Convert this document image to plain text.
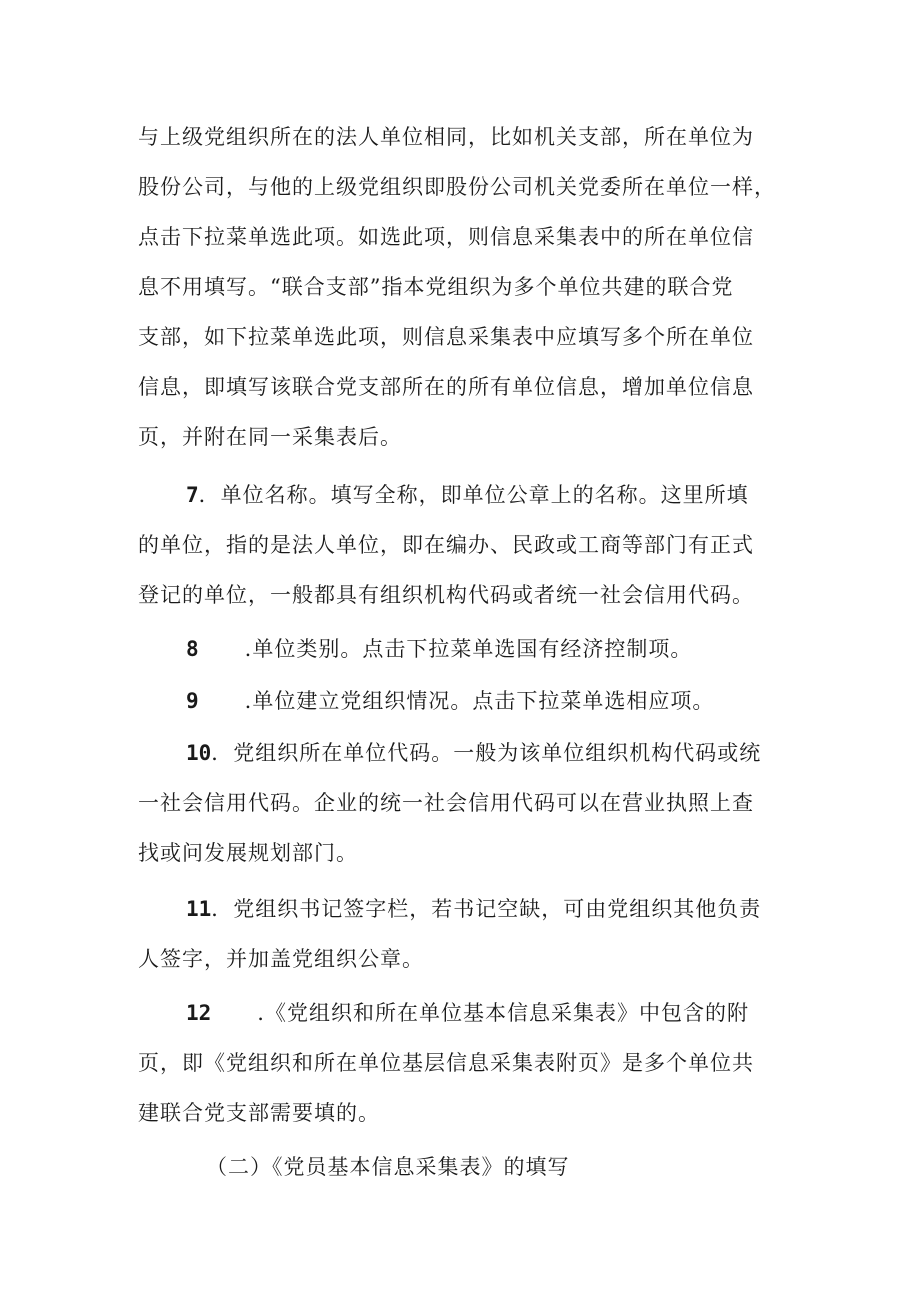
与上级党组织所在的法人单位相同，比如机关支部，所在单位为
股份公司，与他的上级党组织即股份公司机关党委所在单位一样，
点击下拉菜单选此项。如选此项，则信息采集表中的所在单位信
息不用填写。“联合支部”指本党组织为多个单位共建的联合党
支部，如下拉菜单选此项，则信息采集表中应填写多个所在单位
信息，即填写该联合党支部所在的所有单位信息，增加单位信息
页，并附在同一采集表后。
7．单位名称。填写全称，即单位公章上的名称。这里所填
的单位，指的是法人单位，即在编办、民政或工商等部门有正式
登记的单位，一般都具有组织机构代码或者统一社会信用代码。
8 .单位类别。点击下拉菜单选国有经济控制项。
9 .单位建立党组织情况。点击下拉菜单选相应项。
10．党组织所在单位代码。一般为该单位组织机构代码或统
一社会信用代码。企业的统一社会信用代码可以在营业执照上查
找或问发展规划部门。
11．党组织书记签字栏，若书记空缺，可由党组织其他负责
人签字，并加盖党组织公章。
12 .《党组织和所在单位基本信息采集表》中包含的附
页，即《党组织和所在单位基层信息采集表附页》是多个单位共
建联合党支部需要填的。
（二）《党员基本信息采集表》的填写
